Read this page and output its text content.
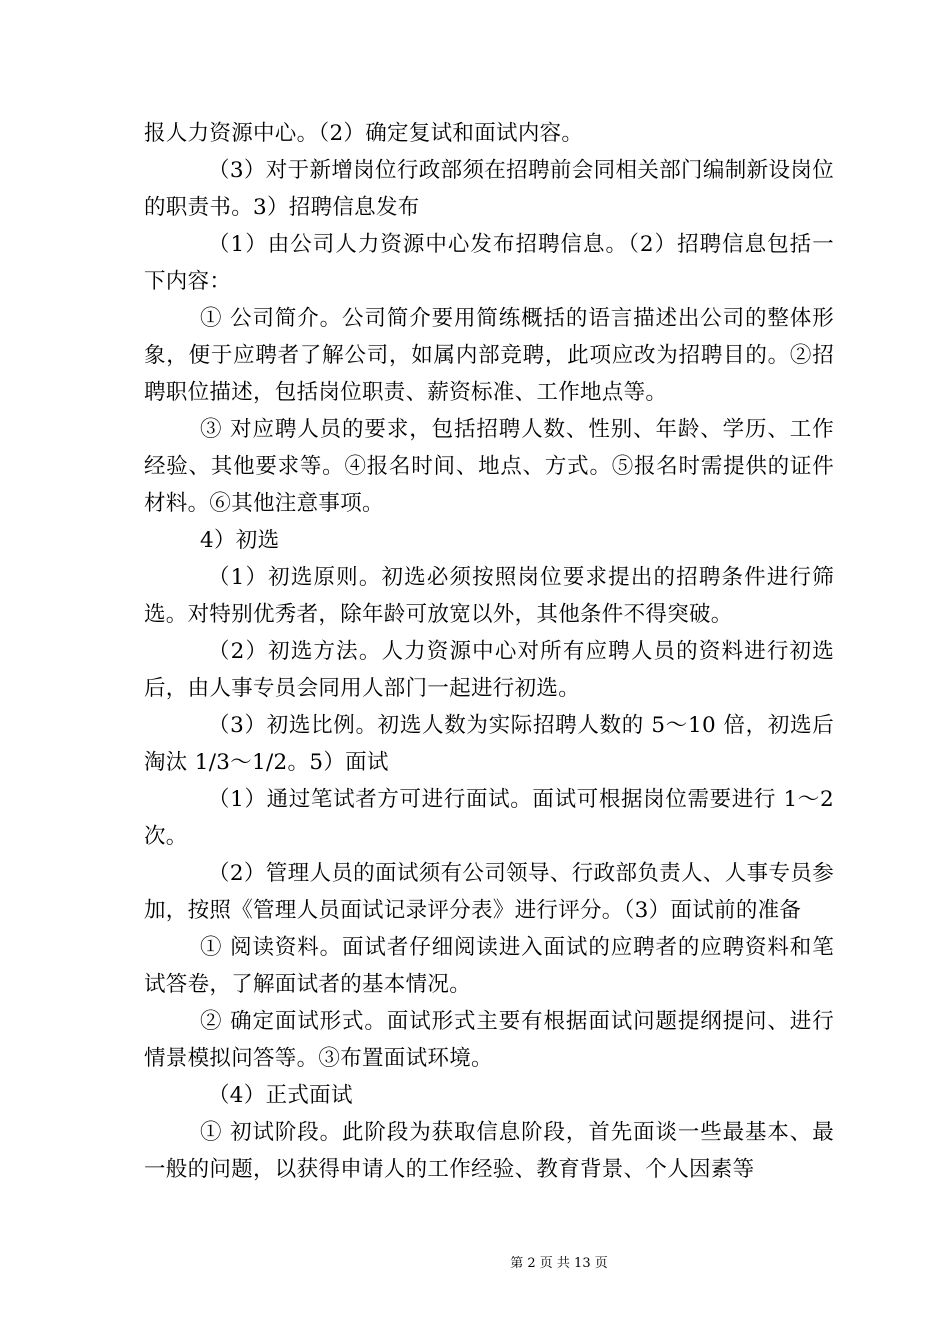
报人力资源中心。（2）确定复试和面试内容。

（3）对于新增岗位行政部须在招聘前会同相关部门编制新设岗位的职责书。3）招聘信息发布

（1）由公司人力资源中心发布招聘信息。（2）招聘信息包括一下内容：

① 公司简介。公司简介要用简练概括的语言描述出公司的整体形象，便于应聘者了解公司，如属内部竞聘，此项应改为招聘目的。②招聘职位描述，包括岗位职责、薪资标准、工作地点等。

③ 对应聘人员的要求，包括招聘人数、性别、年龄、学历、工作经验、其他要求等。④报名时间、地点、方式。⑤报名时需提供的证件材料。⑥其他注意事项。

4）初选

（1）初选原则。初选必须按照岗位要求提出的招聘条件进行筛选。对特别优秀者，除年龄可放宽以外，其他条件不得突破。

（2）初选方法。人力资源中心对所有应聘人员的资料进行初选后，由人事专员会同用人部门一起进行初选。

（3）初选比例。初选人数为实际招聘人数的 5～10 倍，初选后淘汰 1/3～1/2。5）面试

（1）通过笔试者方可进行面试。面试可根据岗位需要进行 1～2 次。

（2）管理人员的面试须有公司领导、行政部负责人、人事专员参加，按照《管理人员面试记录评分表》进行评分。（3）面试前的准备

① 阅读资料。面试者仔细阅读进入面试的应聘者的应聘资料和笔试答卷，了解面试者的基本情况。

② 确定面试形式。面试形式主要有根据面试问题提纲提问、进行情景模拟问答等。③布置面试环境。

（4）正式面试

① 初试阶段。此阶段为获取信息阶段，首先面谈一些最基本、最一般的问题，以获得申请人的工作经验、教育背景、个人因素等

第 2 页 共 13 页
